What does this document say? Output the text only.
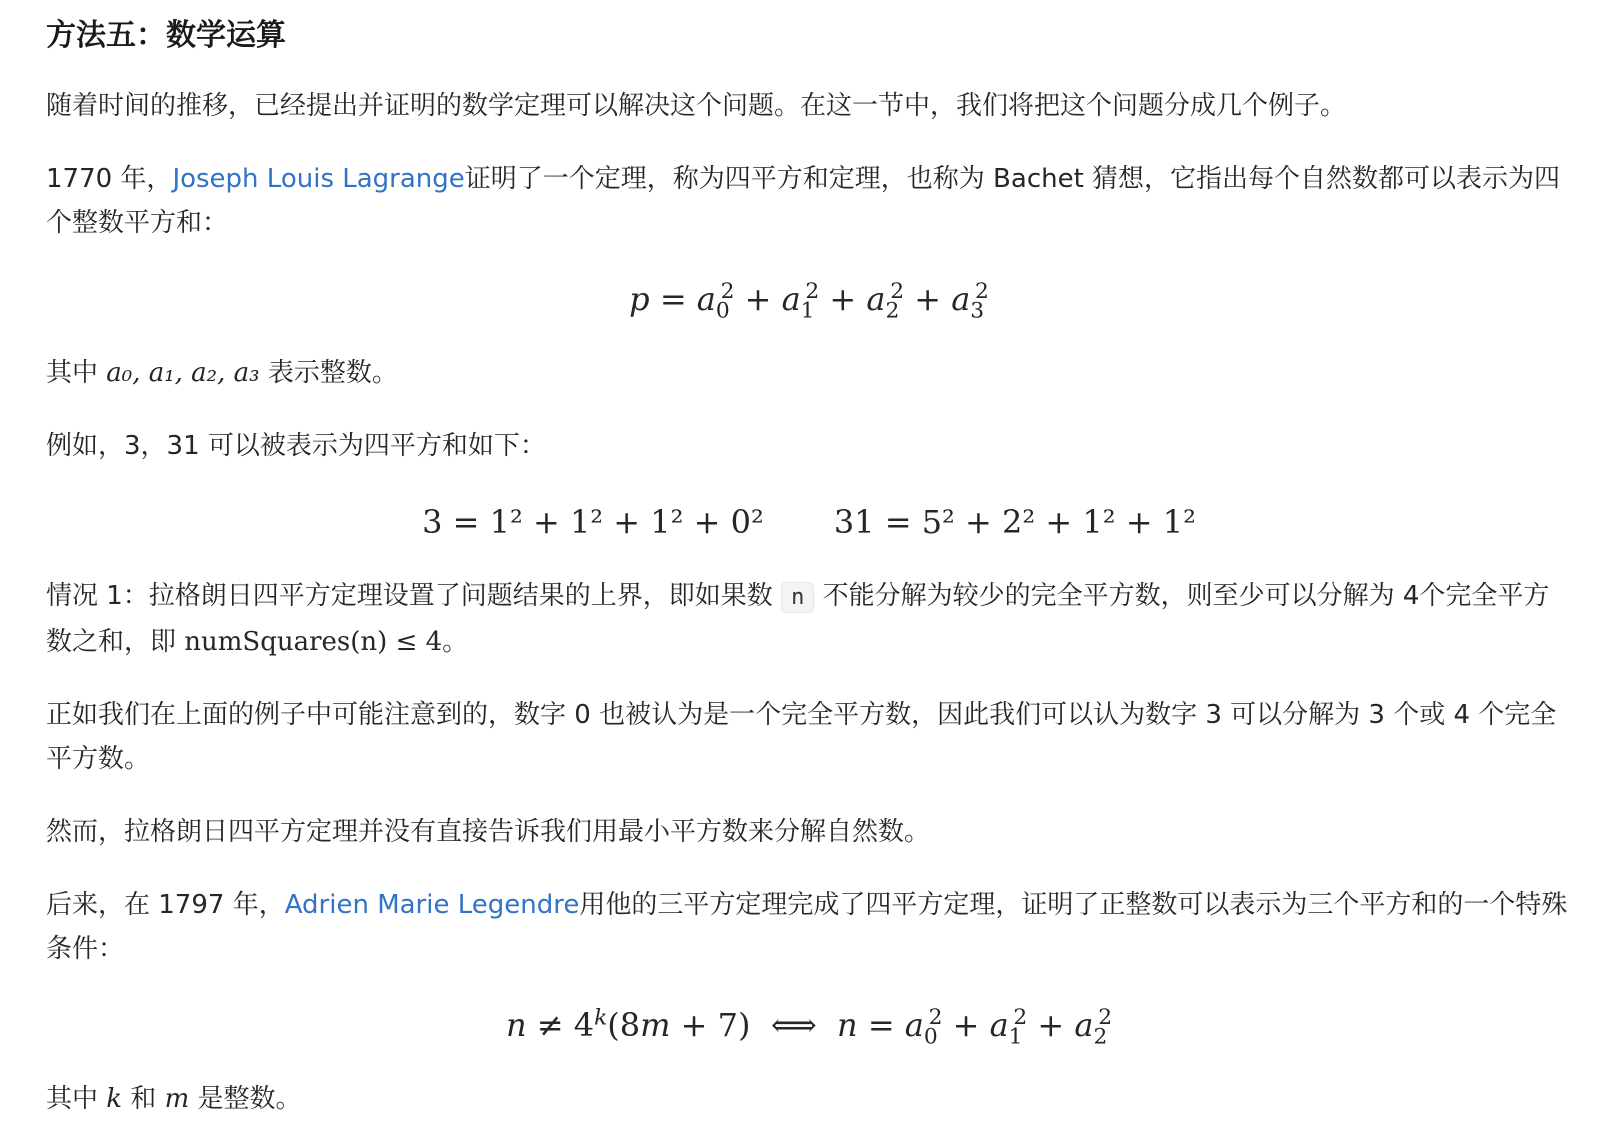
方法五：数学运算

随着时间的推移，已经提出并证明的数学定理可以解决这个问题。在这一节中，我们将把这个问题分成几个例子。

1770 年，Joseph Louis Lagrange证明了一个定理，称为四平方和定理，也称为 Bachet 猜想，它指出每个自然数都可以表示为四个整数平方和：

$p = a_0^2 + a_1^2 + a_2^2 + a_3^2$

其中 a₀, a₁, a₂, a₃ 表示整数。

例如，3，31 可以被表示为四平方和如下：

3 = 1² + 1² + 1² + 0² 31 = 5² + 2² + 1² + 1²

情况 1：拉格朗日四平方定理设置了问题结果的上界，即如果数 n 不能分解为较少的完全平方数，则至少可以分解为 4个完全平方数之和，即 numSquares(n) ≤ 4。

正如我们在上面的例子中可能注意到的，数字 0 也被认为是一个完全平方数，因此我们可以认为数字 3 可以分解为 3 个或 4 个完全平方数。

然而，拉格朗日四平方定理并没有直接告诉我们用最小平方数来分解自然数。

后来，在 1797 年，Adrien Marie Legendre用他的三平方定理完成了四平方定理，证明了正整数可以表示为三个平方和的一个特殊条件：

$n \ne 4^k(8m + 7)$  ⟺  $n = a_0^2 + a_1^2 + a_2^2$

其中 k 和 m 是整数。
